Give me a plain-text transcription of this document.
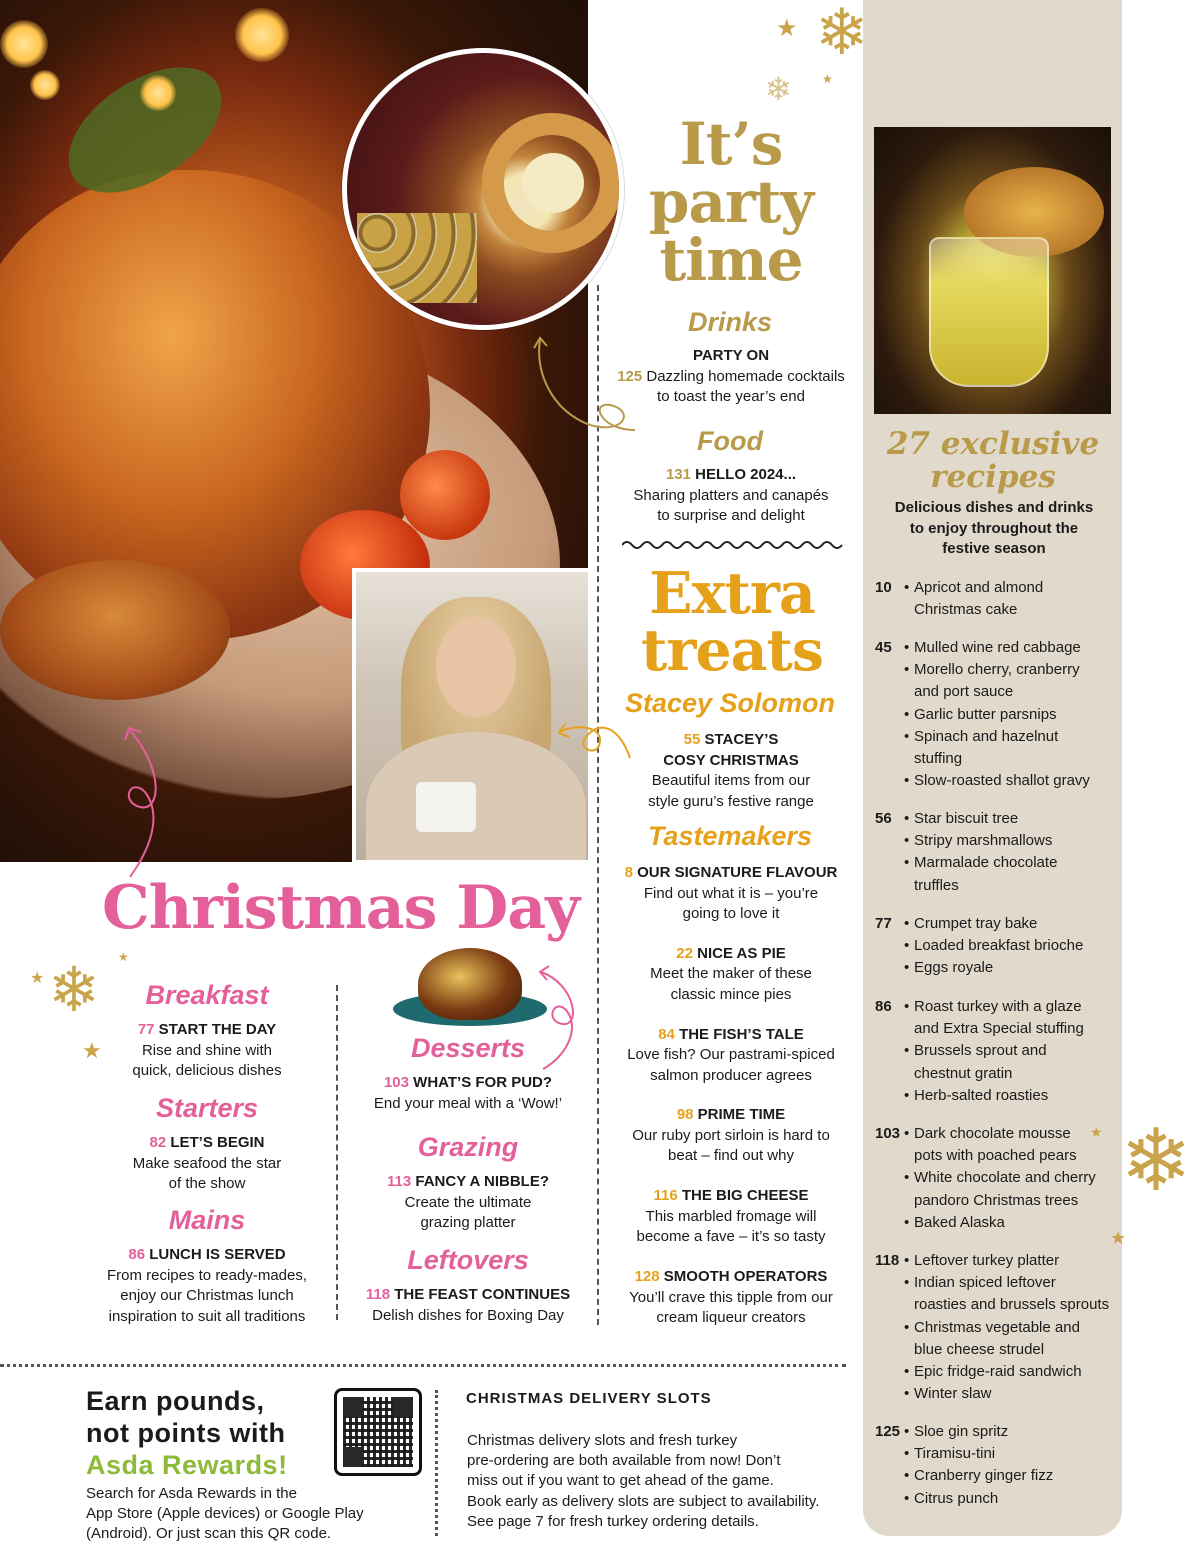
27 exclusive
recipes
Delicious dishes and drinks
to enjoy throughout the
festive season
10 • Apricot and almond
Christmas cake
45 • Mulled wine red cabbage
• Morello cherry, cranberry
and port sauce
• Garlic butter parsnips
• Spinach and hazelnut
stuffing
• Slow-roasted shallot gravy
56 • Star biscuit tree
• Stripy marshmallows
• Marmalade chocolate
truffles
77 • Crumpet tray bake
• Loaded breakfast brioche
• Eggs royale
86 • Roast turkey with a glaze
and Extra Special stuffing
• Brussels sprout and
chestnut gratin
• Herb-salted roasties
103 • Dark chocolate mousse
pots with poached pears
• White chocolate and cherry
pandoro Christmas trees
• Baked Alaska
118 • Leftover turkey platter
• Indian spiced leftover
roasties and brussels sprouts
• Christmas vegetable and
blue cheese strudel
• Epic fridge-raid sandwich
• Winter slaw
125 • Sloe gin spritz
• Tiramisu-tini
• Cranberry ginger fizz
• Citrus punch
It’s
party
time
Drinks
PARTY ON
125 Dazzling homemade cocktails
to toast the year’s end
Food
131 HELLO 2024...
Sharing platters and canapés
to surprise and delight
Extra
treats
Stacey Solomon
55 STACEY’S
COSY CHRISTMAS
Beautiful items from our
style guru’s festive range
Tastemakers
8 OUR SIGNATURE FLAVOUR
Find out what it is – you’re
going to love it
22 NICE AS PIE
Meet the maker of these
classic mince pies
84 THE FISH’S TALE
Love fish? Our pastrami-spiced
salmon producer agrees
98 PRIME TIME
Our ruby port sirloin is hard to
beat – find out why
116 THE BIG CHEESE
This marbled fromage will
become a fave – it’s so tasty
128 SMOOTH OPERATORS
You’ll crave this tipple from our
cream liqueur creators
Christmas Day
Breakfast
77 START THE DAY
Rise and shine with
quick, delicious dishes
Starters
82 LET’S BEGIN
Make seafood the star
of the show
Mains
86 LUNCH IS SERVED
From recipes to ready-mades,
enjoy our Christmas lunch
inspiration to suit all traditions
Desserts
103 WHAT’S FOR PUD?
End your meal with a ‘Wow!’
Grazing
113 FANCY A NIBBLE?
Create the ultimate
grazing platter
Leftovers
118 THE FEAST CONTINUES
Delish dishes for Boxing Day
Earn pounds,
not points with
Asda Rewards!
Search for Asda Rewards in the
App Store (Apple devices) or Google Play
(Android). Or just scan this QR code.
CHRISTMAS DELIVERY SLOTS
Christmas delivery slots and fresh turkey
pre-ordering are both available from now! Don’t
miss out if you want to get ahead of the game.
Book early as delivery slots are subject to availability.
See page 7 for fresh turkey ordering details.
❄
★
❄	★
❄
★
★
★
❄
★
★
